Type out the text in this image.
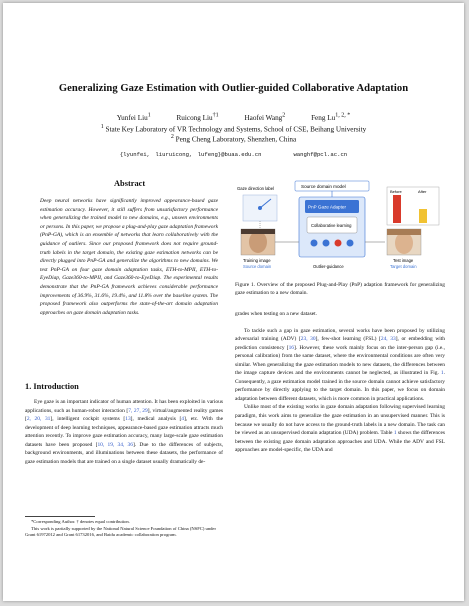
Generalizing Gaze Estimation with Outlier-guided Collaborative Adaptation
Yunfei Liu$^1$	Ruicong Liu$^{\dagger 1}$	Haofei Wang$^2$	Feng $Lu^{1, 2, *}$
$^1$ State Key Laboratory of VR Technology and Systems, School of CSE, Beihang University
$^2$ Peng Cheng Laboratory, Shenzhen, China
{lyunfei, liuruicong, lufeng}@buaa.edu.cn	wanghf@pcl.ac.cn
Abstract
Deep neural networks have significantly improved appearance-based gaze estimation accuracy. However, it still suffers from unsatisfactory performance when generalizing the trained model to new domains, e.g., unseen environments or persons. In this paper, we propose a plug-and-play gaze adaptation framework (PnP-GA), which is an ensemble of networks that learn collaboratively with the guidance of outliers. Since our proposed framework does not require ground-truth labels in the target domain, the existing gaze estimation networks can be directly plugged into PnP-GA and generalize the algorithms to new domains. We test PnP-GA on four gaze domain adaptation tasks, ETH-to-MPII, ETH-to-EyeDiap, Gaze360-to-MPII, and Gaze360-to-EyeDiap. The experimental results demonstrate that the PnP-GA framework achieves considerable performance improvements of 36.9%, 31.6%, 19.4%, and 11.8% over the baseline system. The proposed framework also outperforms the state-of-the-art domain adaptation approaches on gaze domain adaptation tasks.
1. Introduction

Eye gaze is an important indicator of human attention. It has been exploited in various applications, such as human-robot interaction [7, 27, 29], virtual/augmented reality games [2, 20, 31], intelligent cockpit systems [13], medical analysis [4], etc. With the development of deep learning techniques, appearance-based gaze estimation attracts much attention recently. To improve gaze estimation accuracy, many large-scale gaze estimation datasets have been proposed [10, 19, 34, 36]. Due to the differences of subjects, background environments, and illuminations between these datasets, the performance of gaze estimation models that are trained on a single dataset usually dramatically de-

*Corresponding Author. † denotes equal contribution.
This work is partially supported by the National Natural Science Foundation of China (NSFC) under Grant 61972012 and Grant 61732016, and Baidu academic collaboration program.
Gaze direction label
Training image
Source domain
Source domain model
PnP Gaze Adapter
Collaborative learning
Outlier-guidance
Test image
Target domain
Before	After
Figure 1. Overview of the proposed Plug-and-Play (PnP) adaption framework for generalizing gaze estimation to a new domain.

grades when testing on a new dataset.

To tackle such a gap in gaze estimation, several works have been proposed by utilizing adversarial training (ADV) [23, 30], few-shot learning (FSL) [24, 33], or embedding with prediction consistency [16]. However, these work mainly focus on the inter-person gap (i.e., personal calibration) from the same dataset, where the environmental conditions are often very similar. When generalizing the gaze estimation models to new datasets, the differences between the image capture devices and the environments cannot be neglected, as illustrated in Fig. 1. Consequently, a gaze estimation model trained in the source domain cannot achieve satisfactory performance by directly applying to the target domain. In this paper, we focus on domain adaptation between different datasets, which is more common in practical applications.

Unlike most of the existing works in gaze domain adaptation following supervised learning paradigm, this work aims to generalize the gaze estimation in an unsupervised manner. This is because we usually do not have access to the ground-truth labels in a new domain. The task can be viewed as an unsupervised domain adaptation (UDA) problem. Table 1 shows the differences between the existing gaze domain adaptation approaches and UDA. While the ADV and FSL approaches are model-specific, the UDA and
